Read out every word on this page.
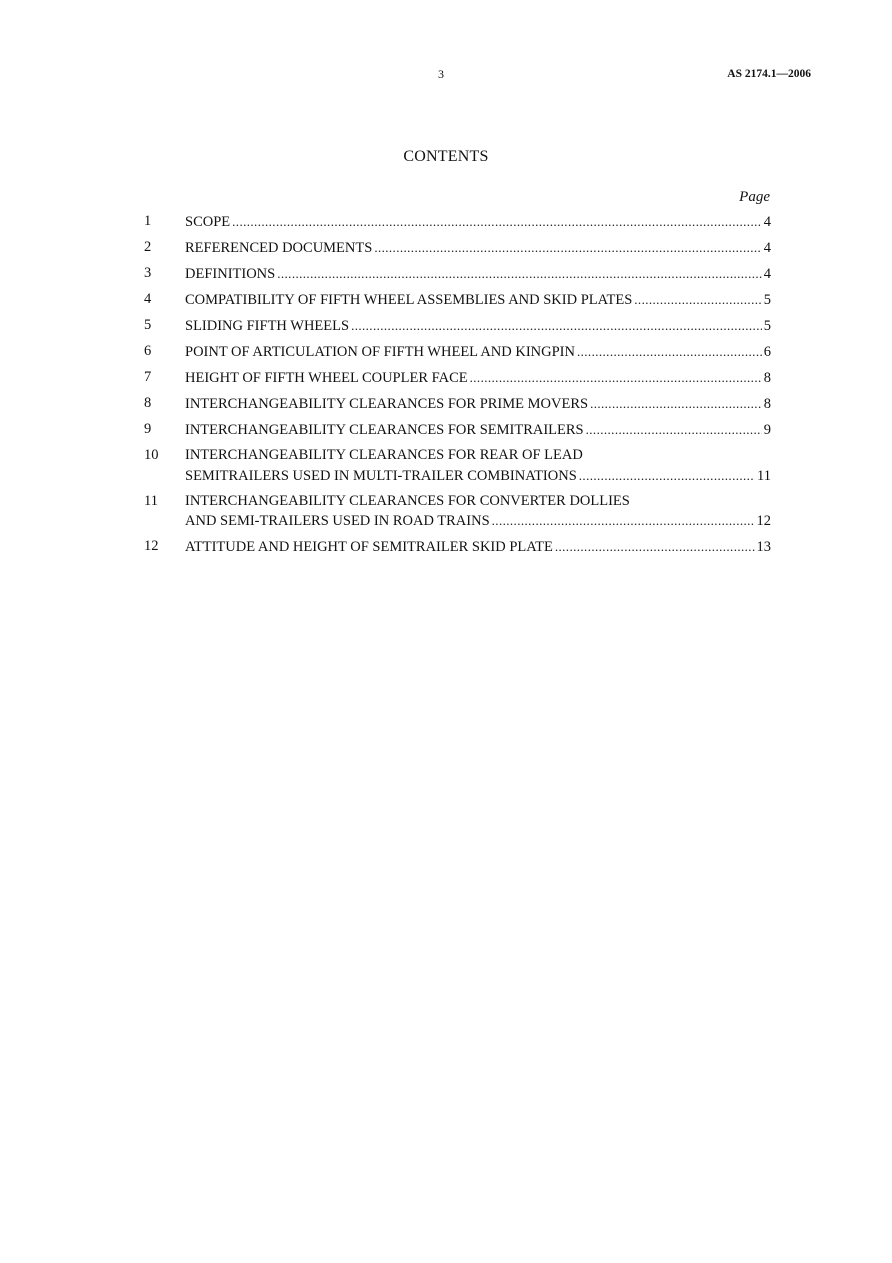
3	AS 2174.1—2006
CONTENTS
Page
1	SCOPE .....	4
2	REFERENCED DOCUMENTS .....	4
3	DEFINITIONS .....	4
4	COMPATIBILITY OF FIFTH WHEEL ASSEMBLIES AND SKID PLATES .....	5
5	SLIDING FIFTH WHEELS .....	5
6	POINT OF ARTICULATION OF FIFTH WHEEL AND KINGPIN .....	6
7	HEIGHT OF FIFTH WHEEL COUPLER FACE .....	8
8	INTERCHANGEABILITY CLEARANCES FOR PRIME MOVERS .....	8
9	INTERCHANGEABILITY CLEARANCES FOR SEMITRAILERS .....	9
10	INTERCHANGEABILITY CLEARANCES FOR REAR OF LEAD
SEMITRAILERS USED IN MULTI-TRAILER COMBINATIONS .....	11
11	INTERCHANGEABILITY CLEARANCES FOR CONVERTER DOLLIES
AND SEMI-TRAILERS USED IN ROAD TRAINS .....	12
12	ATTITUDE AND HEIGHT OF SEMITRAILER SKID PLATE .....	13
